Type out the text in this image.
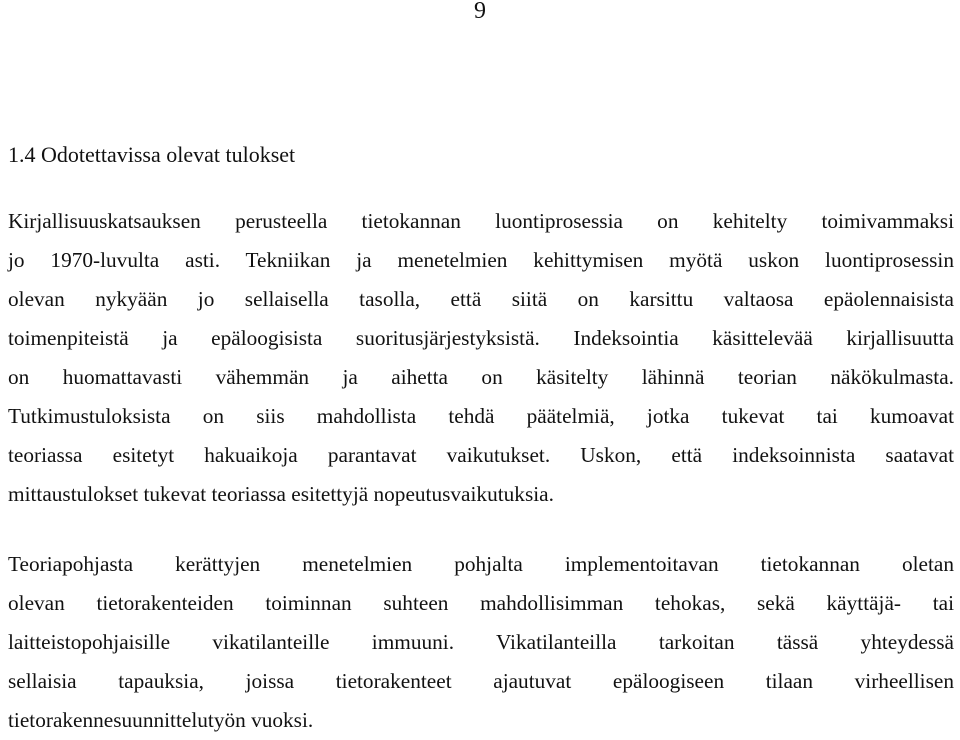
9
1.4 Odotettavissa olevat tulokset

Kirjallisuuskatsauksen perusteella tietokannan luontiprosessia on kehitelty toimivammaksi
jo 1970-luvulta asti. Tekniikan ja menetelmien kehittymisen myötä uskon luontiprosessin
olevan nykyään jo sellaisella tasolla, että siitä on karsittu valtaosa epäolennaisista
toimenpiteistä ja epäloogisista suoritusjärjestyksistä. Indeksointia käsittelevää kirjallisuutta
on huomattavasti vähemmän ja aihetta on käsitelty lähinnä teorian näkökulmasta.
Tutkimustuloksista on siis mahdollista tehdä päätelmiä, jotka tukevat tai kumoavat
teoriassa esitetyt hakuaikoja parantavat vaikutukset. Uskon, että indeksoinnista saatavat
mittaustulokset tukevat teoriassa esitettyjä nopeutusvaikutuksia.

Teoriapohjasta kerättyjen menetelmien pohjalta implementoitavan tietokannan oletan
olevan tietorakenteiden toiminnan suhteen mahdollisimman tehokas, sekä käyttäjä- tai
laitteistopohjaisille vikatilanteille immuuni. Vikatilanteilla tarkoitan tässä yhteydessä
sellaisia tapauksia, joissa tietorakenteet ajautuvat epäloogiseen tilaan virheellisen
tietorakennesuunnittelutyön vuoksi.
